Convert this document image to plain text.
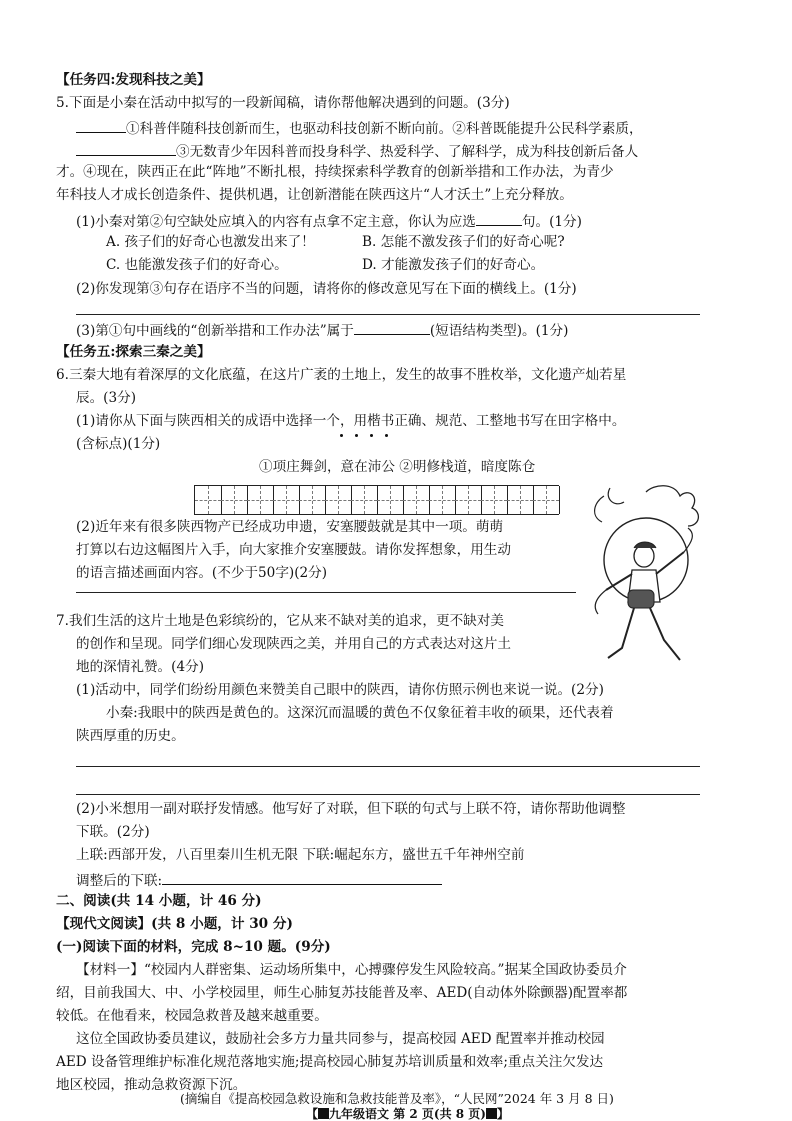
【任务四:发现科技之美】
5.下面是小秦在活动中拟写的一段新闻稿，请你帮他解决遇到的问题。(3分)
①科普伴随科技创新而生，也驱动科技创新不断向前。②科普既能提升公民科学素质，
③无数青少年因科普而投身科学、热爱科学、了解科学，成为科技创新后备人
才。④现在，陕西正在此“阵地”不断扎根，持续探索科学教育的创新举措和工作办法，为青少
年科技人才成长创造条件、提供机遇，让创新潜能在陕西这片“人才沃土”上充分释放。
(1)小秦对第②句空缺处应填入的内容有点拿不定主意，你认为应选	句。(1分)
A. 孩子们的好奇心也激发出来了！	B. 怎能不激发孩子们的好奇心呢?
C. 也能激发孩子们的好奇心。	D. 才能激发孩子们的好奇心。
(2)你发现第③句存在语序不当的问题，请将你的修改意见写在下面的横线上。(1分)
(3)第①句中画线的“创新举措和工作办法”属于	(短语结构类型)。(1分)
【任务五:探索三秦之美】
6.三秦大地有着深厚的文化底蕴，在这片广袤的土地上，发生的故事不胜枚举，文化遗产灿若星
辰。(3分)
(1)请你从下面与陕西相关的成语中选择一个，用楷书正确、规范、工整地书写在田字格中。
(含标点)(1分)
①项庄舞剑，意在沛公 ②明修栈道，暗度陈仓
(2)近年来有很多陕西物产已经成功申遗，安塞腰鼓就是其中一项。萌萌
打算以右边这幅图片入手，向大家推介安塞腰鼓。请你发挥想象，用生动
的语言描述画面内容。(不少于50字)(2分)
7.我们生活的这片土地是色彩缤纷的，它从来不缺对美的追求，更不缺对美
的创作和呈现。同学们细心发现陕西之美，并用自己的方式表达对这片土
地的深情礼赞。(4分)
(1)活动中，同学们纷纷用颜色来赞美自己眼中的陕西，请你仿照示例也来说一说。(2分)
小秦:我眼中的陕西是黄色的。这深沉而温暖的黄色不仅象征着丰收的硕果，还代表着
陕西厚重的历史。
(2)小米想用一副对联抒发情感。他写好了对联，但下联的句式与上联不符，请你帮助他调整
下联。(2分)
上联:西部开发，八百里秦川生机无限 下联:崛起东方，盛世五千年神州空前
调整后的下联:
二、阅读(共 14 小题，计 46 分)
【现代文阅读】(共 8 小题，计 30 分)
(一)阅读下面的材料，完成 8~10 题。(9分)
【材料一】“校园内人群密集、运动场所集中，心搏骤停发生风险较高。”据某全国政协委员介
绍，目前我国大、中、小学校园里，师生心肺复苏技能普及率、AED(自动体外除颤器)配置率都
较低。在他看来，校园急救普及越来越重要。
这位全国政协委员建议，鼓励社会多方力量共同参与，提高校园 AED 配置率并推动校园
AED 设备管理维护标准化规范落地实施;提高校园心肺复苏培训质量和效率;重点关注欠发达
地区校园，推动急救资源下沉。
(摘编自《提高校园急救设施和急救技能普及率》，“人民网”2024 年 3 月 8 日)
【 九年级语文 第 2 页(共 8 页) 】
